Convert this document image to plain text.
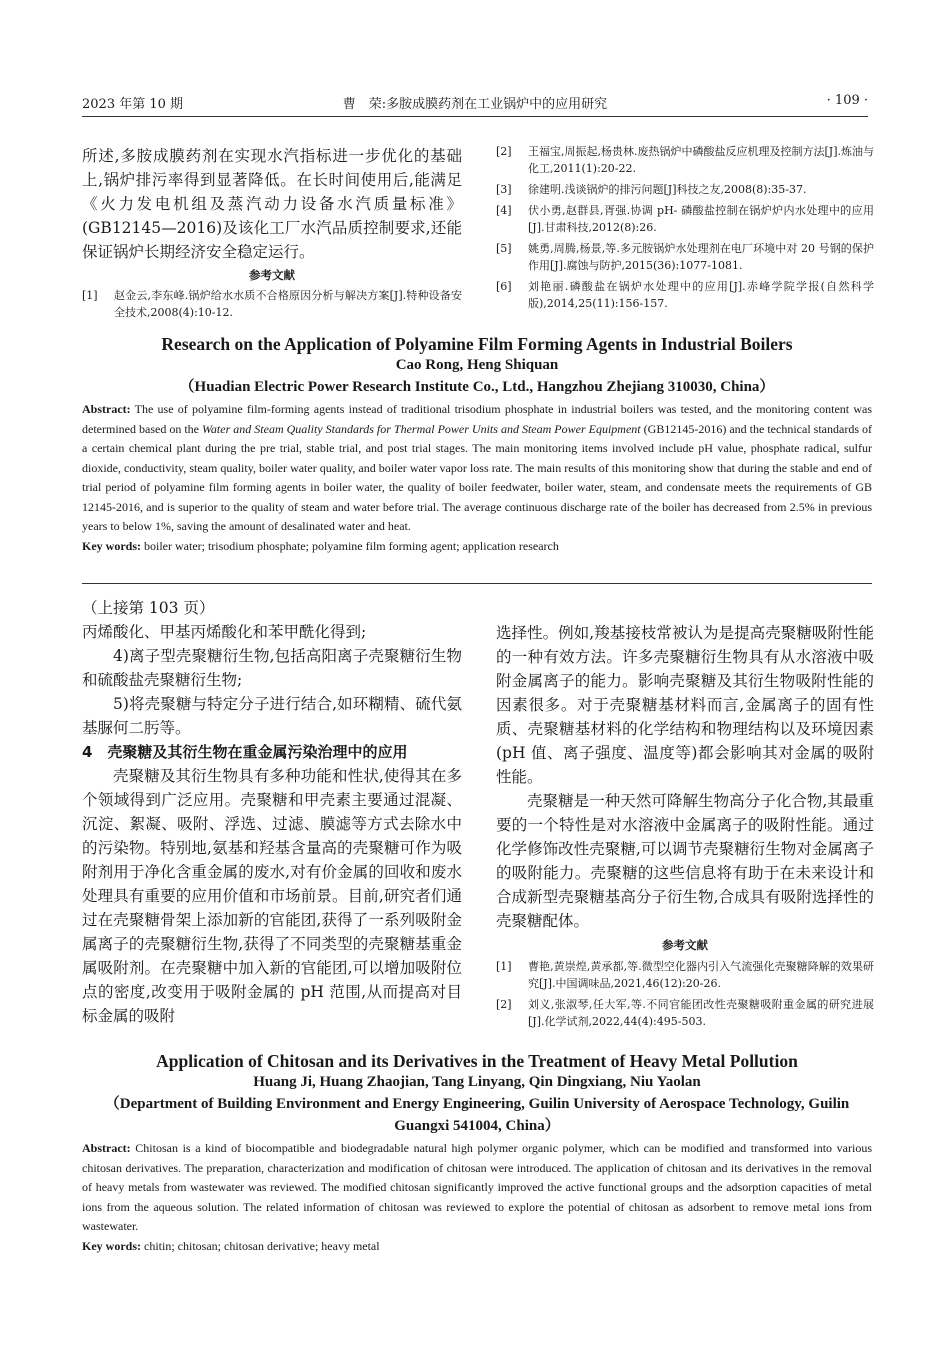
2023 年第 10 期	曹　荣:多胺成膜药剂在工业锅炉中的应用研究	· 109 ·
所述,多胺成膜药剂在实现水汽指标进一步优化的基础上,锅炉排污率得到显著降低。在长时间使用后,能满足《火力发电机组及蒸汽动力设备水汽质量标准》(GB12145—2016)及该化工厂水汽品质控制要求,还能保证锅炉长期经济安全稳定运行。
参考文献
[1] 赵金云,李东峰.锅炉给水水质不合格原因分析与解决方案[J].特种设备安全技术,2008(4):10-12.
[2] 王福宝,周振起,杨贵林.废热锅炉中磷酸盐反应机理及控制方法[J].炼油与化工,2011(1):20-22.
[3] 徐建明.浅谈锅炉的排污问题[J]科技之友,2008(8):35-37.
[4] 伏小勇,赵群县,胥强.协调 pH- 磷酸盐控制在锅炉炉内水处理中的应用[J].甘肃科技,2012(8):26.
[5] 姚勇,周腾,杨景,等.多元胺锅炉水处理剂在电厂环境中对 20 号钢的保护作用[J].腐蚀与防护,2015(36):1077-1081.
[6] 刘艳丽.磷酸盐在锅炉水处理中的应用[J].赤峰学院学报(自然科学版),2014,25(11):156-157.
Research on the Application of Polyamine Film Forming Agents in Industrial Boilers
Cao Rong, Heng Shiquan
（Huadian Electric Power Research Institute Co., Ltd., Hangzhou Zhejiang 310030, China）
Abstract: The use of polyamine film-forming agents instead of traditional trisodium phosphate in industrial boilers was tested, and the monitoring content was determined based on the Water and Steam Quality Standards for Thermal Power Units and Steam Power Equipment (GB12145-2016) and the technical standards of a certain chemical plant during the pre trial, stable trial, and post trial stages. The main monitoring items involved include pH value, phosphate radical, sulfur dioxide, conductivity, steam quality, boiler water quality, and boiler water vapor loss rate. The main results of this monitoring show that during the stable and end of trial period of polyamine film forming agents in boiler water, the quality of boiler feedwater, boiler water, steam, and condensate meets the requirements of GB 12145-2016, and is superior to the quality of steam and water before trial. The average continuous discharge rate of the boiler has decreased from 2.5% in previous years to below 1%, saving the amount of desalinated water and heat.
Key words: boiler water; trisodium phosphate; polyamine film forming agent; application research

（上接第 103 页）

丙烯酸化、甲基丙烯酸化和苯甲酰化得到;

4)离子型壳聚糖衍生物,包括高阳离子壳聚糖衍生物和硫酸盐壳聚糖衍生物;

5)将壳聚糖与特定分子进行结合,如环糊精、硫代氨基脲何二肟等。

4　壳聚糖及其衍生物在重金属污染治理中的应用

壳聚糖及其衍生物具有多种功能和性状,使得其在多个领域得到广泛应用。壳聚糖和甲壳素主要通过混凝、沉淀、絮凝、吸附、浮选、过滤、膜滤等方式去除水中的污染物。特别地,氨基和羟基含量高的壳聚糖可作为吸附剂用于净化含重金属的废水,对有价金属的回收和废水处理具有重要的应用价值和市场前景。目前,研究者们通过在壳聚糖骨架上添加新的官能团,获得了一系列吸附金属离子的壳聚糖衍生物,获得了不同类型的壳聚糖基重金属吸附剂。在壳聚糖中加入新的官能团,可以增加吸附位点的密度,改变用于吸附金属的 pH 范围,从而提高对目标金属的吸附

选择性。例如,羧基接枝常被认为是提高壳聚糖吸附性能的一种有效方法。许多壳聚糖衍生物具有从水溶液中吸附金属离子的能力。影响壳聚糖及其衍生物吸附性能的因素很多。对于壳聚糖基材料而言,金属离子的固有性质、壳聚糖基材料的化学结构和物理结构以及环境因素(pH 值、离子强度、温度等)都会影响其对金属的吸附性能。

壳聚糖是一种天然可降解生物高分子化合物,其最重要的一个特性是对水溶液中金属离子的吸附性能。通过化学修饰改性壳聚糖,可以调节壳聚糖衍生物对金属离子的吸附能力。壳聚糖的这些信息将有助于在未来设计和合成新型壳聚糖基高分子衍生物,合成具有吸附选择性的壳聚糖配体。

参考文献
[1] 曹艳,黄崇煌,黄承都,等.微型空化器内引入气流强化壳聚糖降解的效果研究[J].中国调味品,2021,46(12):20-26.
[2] 刘义,张淑琴,任大军,等.不同官能团改性壳聚糖吸附重金属的研究进展[J].化学试剂,2022,44(4):495-503.
Application of Chitosan and its Derivatives in the Treatment of Heavy Metal Pollution
Huang Ji, Huang Zhaojian, Tang Linyang, Qin Dingxiang, Niu Yaolan
（Department of Building Environment and Energy Engineering, Guilin University of Aerospace Technology, Guilin Guangxi 541004, China）
Abstract: Chitosan is a kind of biocompatible and biodegradable natural high polymer organic polymer, which can be modified and transformed into various chitosan derivatives. The preparation, characterization and modification of chitosan were introduced. The application of chitosan and its derivatives in the removal of heavy metals from wastewater was reviewed. The modified chitosan significantly improved the active functional groups and the adsorption capacities of metal ions from the aqueous solution. The related information of chitosan was reviewed to explore the potential of chitosan as adsorbent to remove metal ions from wastewater.
Key words: chitin; chitosan; chitosan derivative; heavy metal
